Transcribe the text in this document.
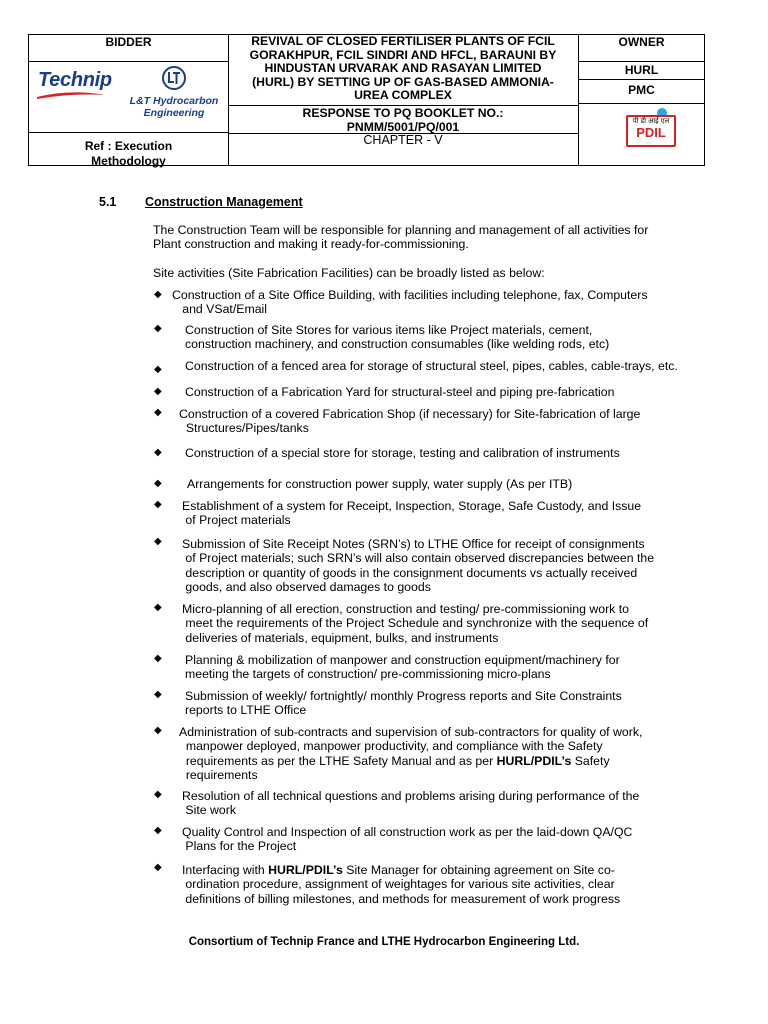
BIDDER	REVIVAL OF CLOSED FERTILISER PLANTS OF FCIL
GORAKHPUR, FCIL SINDRI AND HFCL, BARAUNI BY
HINDUSTAN URVARAK AND RASAYAN LIMITED
(HURL) BY SETTING UP OF GAS-BASED AMMONIA-
UREA COMPLEX
RESPONSE TO PQ BOOKLET NO.:
PNMM/5001/PQ/001
CHAPTER - V
OWNER
HURL
PMC
Technip
L&T Hydrocarbon
Engineering
Ref : Execution
Methodology
पी डी आई एल
PDIL
5.1 Construction Management
The Construction Team will be responsible for planning and management of all activities for
Plant construction and making it ready-for-commissioning.
Site activities (Site Fabrication Facilities) can be broadly listed as below:
◆ Construction of a Site Office Building, with facilities including telephone, fax, Computers
and VSat/Email
◆ Construction of Site Stores for various items like Project materials, cement,
construction machinery, and construction consumables (like welding rods, etc)
◆ Construction of a fenced area for storage of structural steel, pipes, cables, cable-trays, etc.
◆ Construction of a Fabrication Yard for structural-steel and piping pre-fabrication
◆ Construction of a covered Fabrication Shop (if necessary) for Site-fabrication of large
Structures/Pipes/tanks
◆ Construction of a special store for storage, testing and calibration of instruments
◆ Arrangements for construction power supply, water supply (As per ITB)
◆ Establishment of a system for Receipt, Inspection, Storage, Safe Custody, and Issue
of Project materials
◆ Submission of Site Receipt Notes (SRN’s) to LTHE Office for receipt of consignments
of Project materials; such SRN’s will also contain observed discrepancies between the
description or quantity of goods in the consignment documents vs actually received
goods, and also observed damages to goods
◆ Micro-planning of all erection, construction and testing/ pre-commissioning work to
meet the requirements of the Project Schedule and synchronize with the sequence of
deliveries of materials, equipment, bulks, and instruments
◆ Planning & mobilization of manpower and construction equipment/machinery for
meeting the targets of construction/ pre-commissioning micro-plans
◆ Submission of weekly/ fortnightly/ monthly Progress reports and Site Constraints
reports to LTHE Office
◆ Administration of sub-contracts and supervision of sub-contractors for quality of work,
manpower deployed, manpower productivity, and compliance with the Safety
requirements as per the LTHE Safety Manual and as per HURL/PDIL’s Safety
requirements
◆ Resolution of all technical questions and problems arising during performance of the
Site work
◆ Quality Control and Inspection of all construction work as per the laid-down QA/QC
Plans for the Project
◆ Interfacing with HURL/PDIL’s Site Manager for obtaining agreement on Site co-
ordination procedure, assignment of weightages for various site activities, clear
definitions of billing milestones, and methods for measurement of work progress
Consortium of Technip France and LTHE Hydrocarbon Engineering Ltd.
